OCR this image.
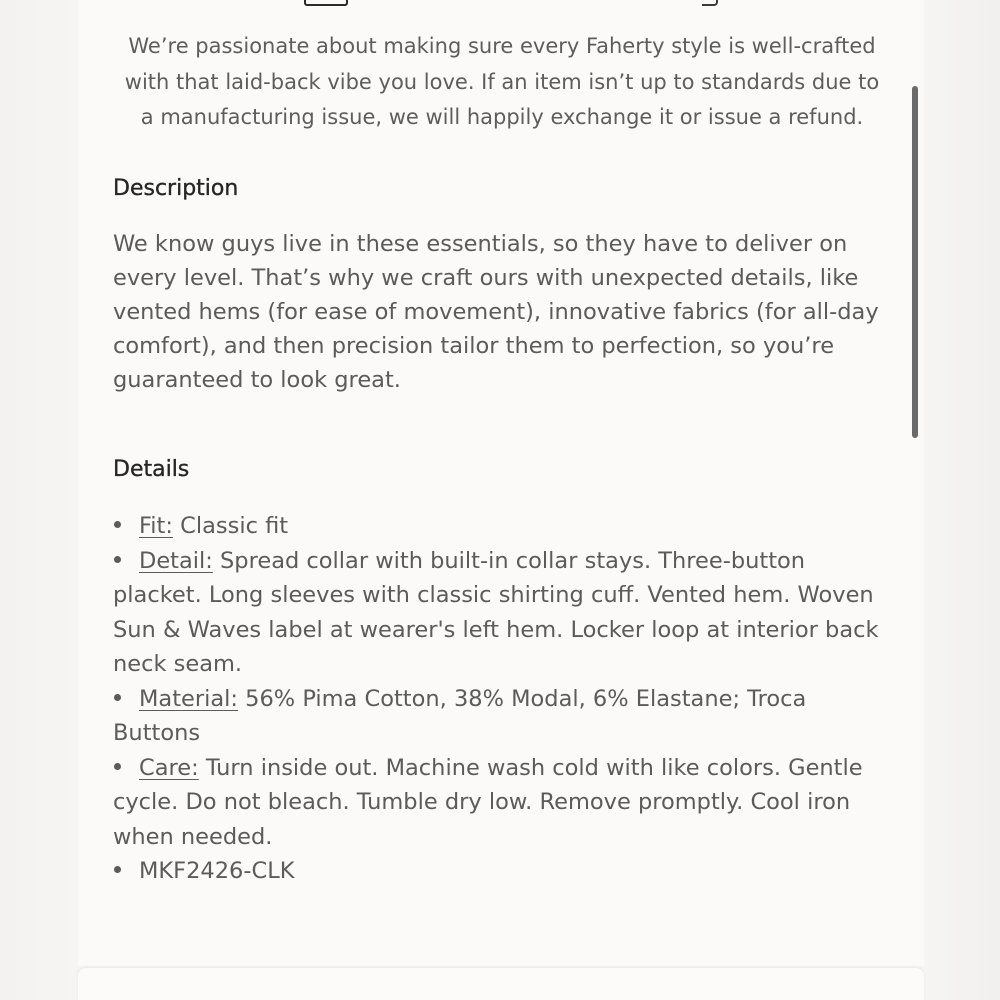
We’re passionate about making sure every Faherty style is well-crafted with that laid-back vibe you love. If an item isn’t up to standards due to a manufacturing issue, we will happily exchange it or issue a refund.

Description

We know guys live in these essentials, so they have to deliver on every level. That’s why we craft ours with unexpected details, like vented hems (for ease of movement), innovative fabrics (for all-day comfort), and then precision tailor them to perfection, so you’re guaranteed to look great.

Details
Fit: Classic fit
Detail: Spread collar with built-in collar stays. Three-button placket. Long sleeves with classic shirting cuff. Vented hem. Woven Sun & Waves label at wearer's left hem. Locker loop at interior back neck seam.
Material: 56% Pima Cotton, 38% Modal, 6% Elastane; Troca Buttons
Care: Turn inside out. Machine wash cold with like colors. Gentle cycle. Do not bleach. Tumble dry low. Remove promptly. Cool iron when needed.
MKF2426-CLK
